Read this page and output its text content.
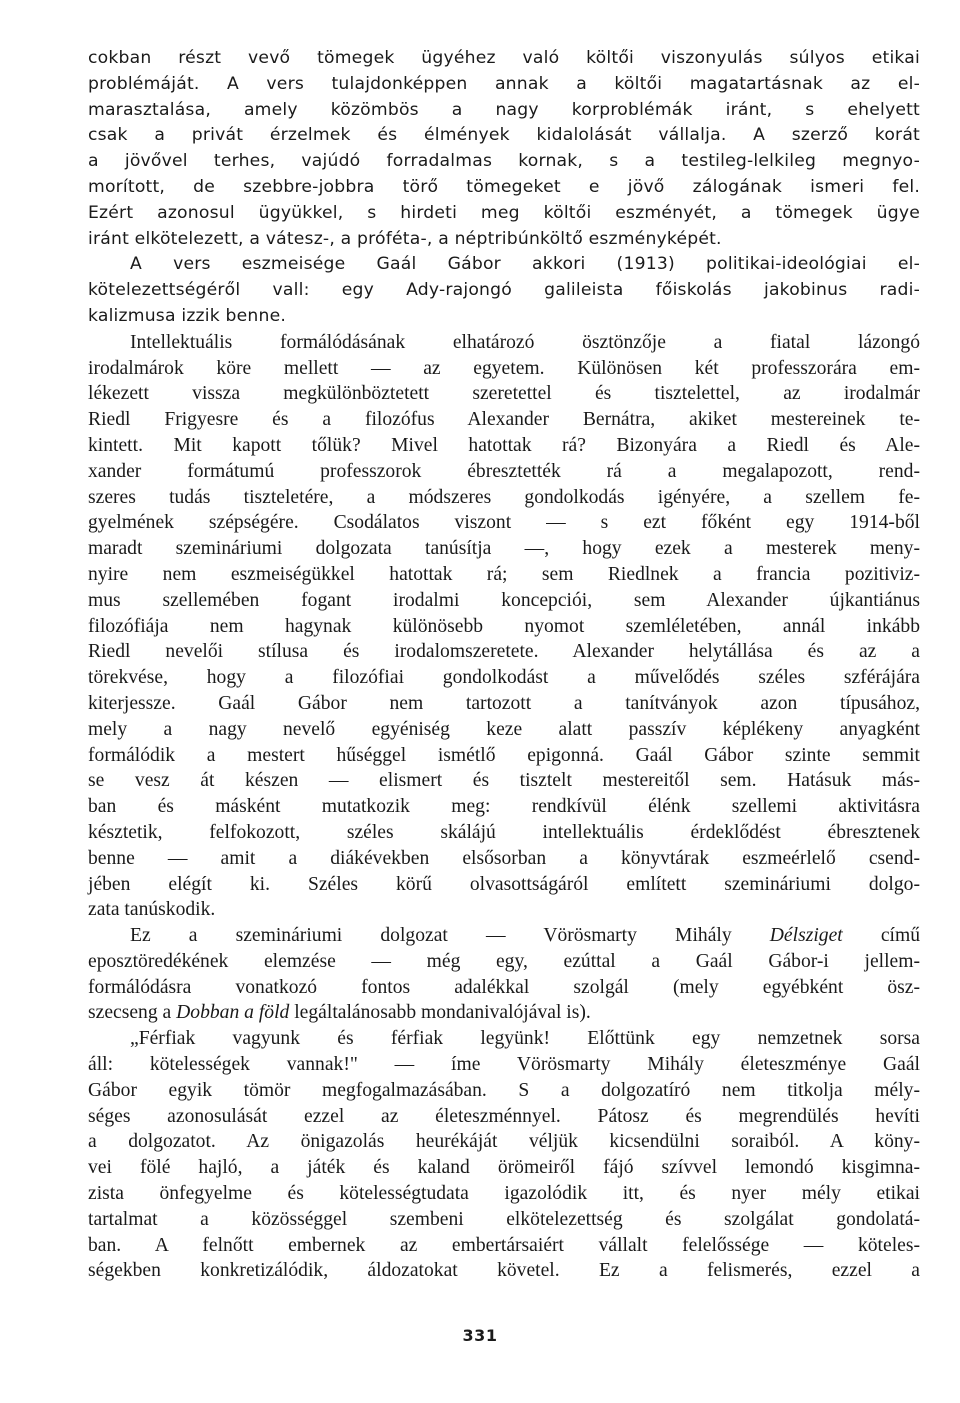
cokban részt vevő tömegek ügyéhez való költői viszonyulás súlyos etikai
problémáját. A vers tulajdonképpen annak a költői magatartásnak az el-
marasztalása, amely közömbös a nagy korproblémák iránt, s ehelyett
csak a privát érzelmek és élmények kidalolását vállalja. A szerző korát
a jövővel terhes, vajúdó forradalmas kornak, s a testileg-lelkileg megnyo-
morított, de szebbre-jobbra törő tömegeket e jövő zálogának ismeri fel.
Ezért azonosul ügyükkel, s hirdeti meg költői eszményét, a tömegek ügye
iránt elkötelezett, a vátesz-, a próféta-, a néptribúnköltő eszményképét.
A vers eszmeisége Gaál Gábor akkori (1913) politikai-ideológiai el-
kötelezettségéről vall: egy Ady-rajongó galileista főiskolás jakobinus radi-
kalizmusa izzik benne.
Intellektuális formálódásának elhatározó ösztönzője a fiatal lázongó
irodalmárok köre mellett — az egyetem. Különösen két professzorára em-
lékezett vissza megkülönböztetett szeretettel és tisztelettel, az irodalmár
Riedl Frigyesre és a filozófus Alexander Bernátra, akiket mestereinek te-
kintett. Mit kapott tőlük? Mivel hatottak rá? Bizonyára a Riedl és Ale-
xander formátumú professzorok ébresztették rá a megalapozott, rend-
szeres tudás tiszteletére, a módszeres gondolkodás igényére, a szellem fe-
gyelmének szépségére. Csodálatos viszont — s ezt főként egy 1914-ből
maradt szemináriumi dolgozata tanúsítja —, hogy ezek a mesterek meny-
nyire nem eszmeiségükkel hatottak rá; sem Riedlnek a francia pozitiviz-
mus szellemében fogant irodalmi koncepciói, sem Alexander újkantiánus
filozófiája nem hagynak különösebb nyomot szemléletében, annál inkább
Riedl nevelői stílusa és irodalomszeretete. Alexander helytállása és az a
törekvése, hogy a filozófiai gondolkodást a művelődés széles szférájára
kiterjessze. Gaál Gábor nem tartozott a tanítványok azon típusához,
mely a nagy nevelő egyéniség keze alatt passzív képlékeny anyagként
formálódik a mestert hűséggel ismétlő epigonná. Gaál Gábor szinte semmit
se vesz át készen — elismert és tisztelt mestereitől sem. Hatásuk más-
ban és másként mutatkozik meg: rendkívül élénk szellemi aktivitásra
késztetik, felfokozott, széles skálájú intellektuális érdeklődést ébresztenek
benne — amit a diákévekben elsősorban a könyvtárak eszmeérlelő csend-
jében elégít ki. Széles körű olvasottságáról említett szemináriumi dolgo-
zata tanúskodik.
Ez a szemináriumi dolgozat — Vörösmarty Mihály Délsziget című
eposztöredékének elemzése — még egy, ezúttal a Gaál Gábor-i jellem-
formálódásra vonatkozó fontos adalékkal szolgál (mely egyébként ösz-
szecseng a Dobban a föld legáltalánosabb mondanivalójával is).
„Férfiak vagyunk és férfiak legyünk! Előttünk egy nemzetnek sorsa
áll: kötelességek vannak!" — íme Vörösmarty Mihály életeszménye Gaál
Gábor egyik tömör megfogalmazásában. S a dolgozatíró nem titkolja mély-
séges azonosulását ezzel az életeszménnyel. Pátosz és megrendülés hevíti
a dolgozatot. Az önigazolás heurékáját véljük kicsendülni soraiból. A köny-
vei fölé hajló, a játék és kaland örömeiről fájó szívvel lemondó kisgimna-
zista önfegyelme és kötelességtudata igazolódik itt, és nyer mély etikai
tartalmat a közösséggel szembeni elkötelezettség és szolgálat gondolatá-
ban. A felnőtt embernek az embertársaiért vállalt felelőssége — köteles-
ségekben konkretizálódik, áldozatokat követel. Ez a felismerés, ezzel a
331
